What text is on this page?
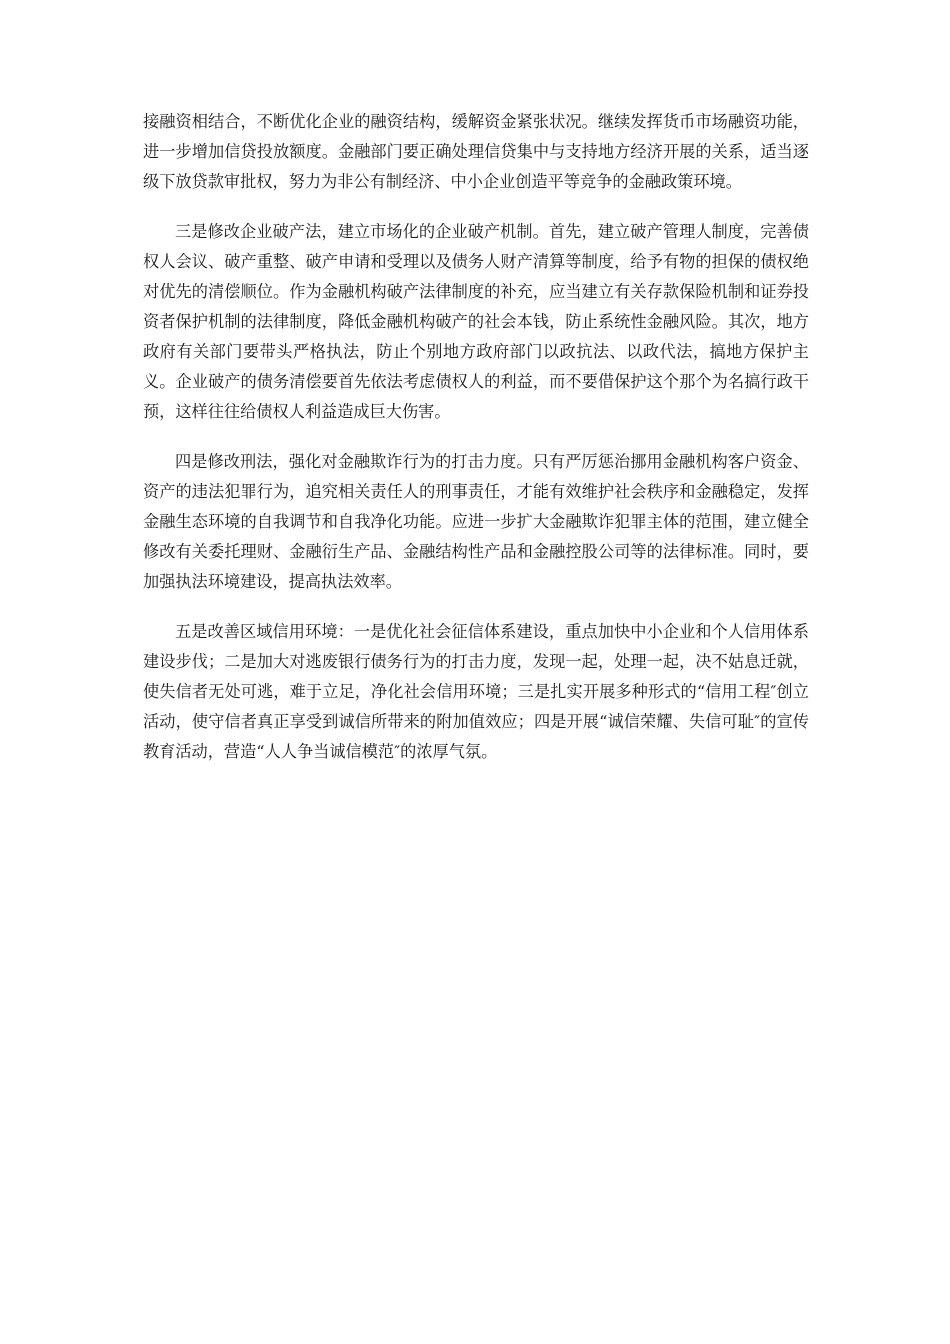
接融资相结合，不断优化企业的融资结构，缓解资金紧张状况。继续发挥货币市场融资功能，进一步增加信贷投放额度。金融部门要正确处理信贷集中与支持地方经济开展的关系，适当逐级下放贷款审批权，努力为非公有制经济、中小企业创造平等竞争的金融政策环境。

三是修改企业破产法，建立市场化的企业破产机制。首先，建立破产管理人制度，完善债权人会议、破产重整、破产申请和受理以及债务人财产清算等制度，给予有物的担保的债权绝对优先的清偿顺位。作为金融机构破产法律制度的补充，应当建立有关存款保险机制和证券投资者保护机制的法律制度，降低金融机构破产的社会本钱，防止系统性金融风险。其次，地方政府有关部门要带头严格执法，防止个别地方政府部门以政抗法、以政代法，搞地方保护主义。企业破产的债务清偿要首先依法考虑债权人的利益，而不要借保护这个那个为名搞行政干预，这样往往给债权人利益造成巨大伤害。

四是修改刑法，强化对金融欺诈行为的打击力度。只有严厉惩治挪用金融机构客户资金、资产的违法犯罪行为，追究相关责任人的刑事责任，才能有效维护社会秩序和金融稳定，发挥金融生态环境的自我调节和自我净化功能。应进一步扩大金融欺诈犯罪主体的范围，建立健全修改有关委托理财、金融衍生产品、金融结构性产品和金融控股公司等的法律标准。同时，要加强执法环境建设，提高执法效率。

五是改善区域信用环境：一是优化社会征信体系建设，重点加快中小企业和个人信用体系建设步伐；二是加大对逃废银行债务行为的打击力度，发现一起，处理一起，决不姑息迁就，使失信者无处可逃，难于立足，净化社会信用环境；三是扎实开展多种形式的“信用工程″创立活动，使守信者真正享受到诚信所带来的附加值效应；四是开展“诚信荣耀、失信可耻″的宣传教育活动，营造“人人争当诚信模范″的浓厚气氛。
